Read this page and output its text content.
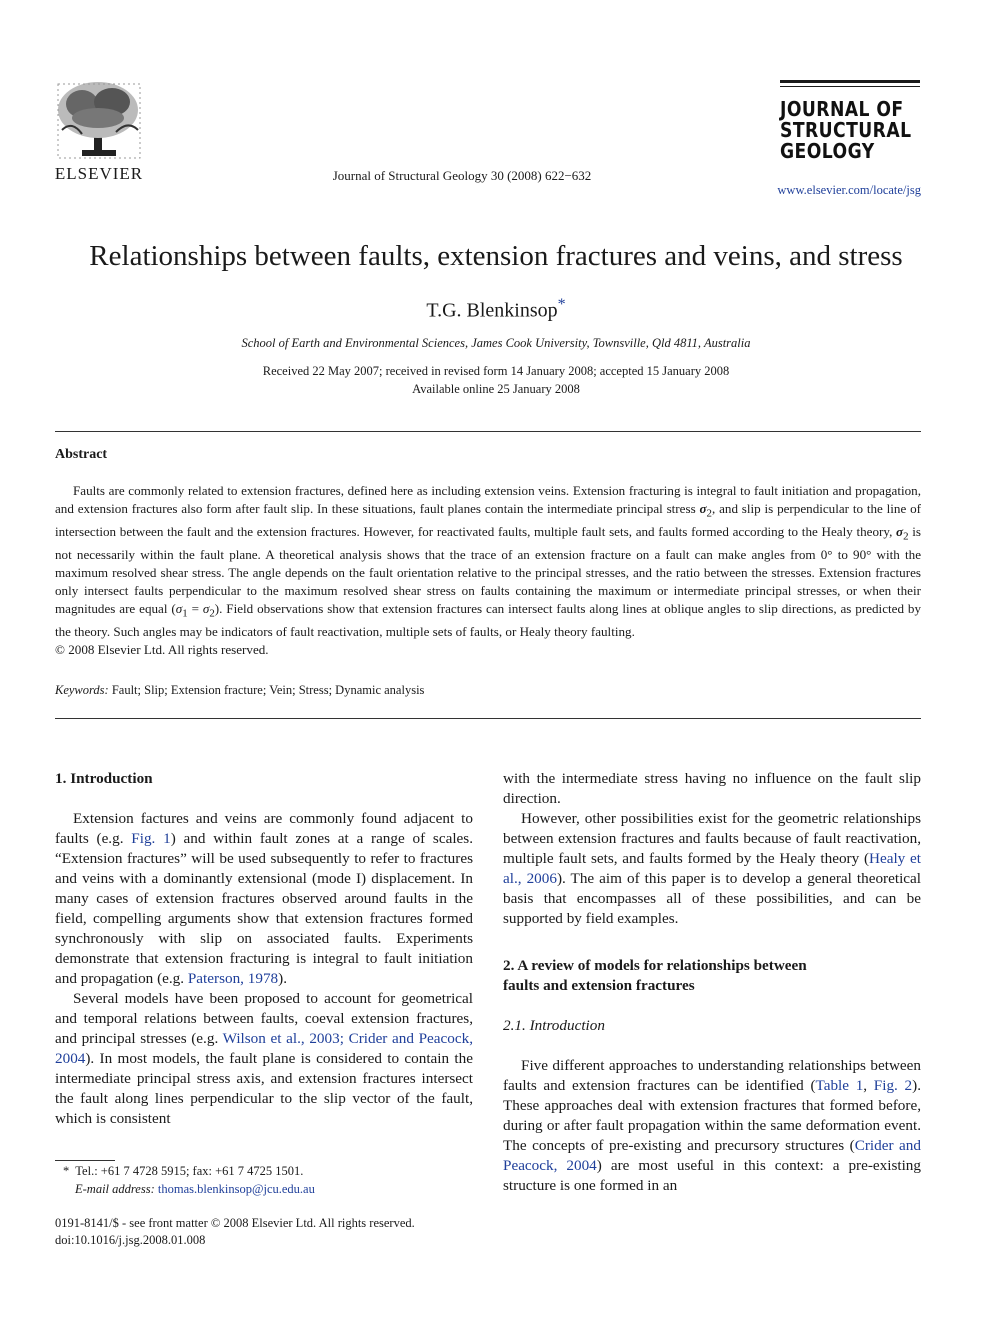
ELSEVIER	Journal of Structural Geology 30 (2008) 622−632
JOURNAL OF
STRUCTURAL
GEOLOGY
www.elsevier.com/locate/jsg
Relationships between faults, extension fractures and veins, and stress
T.G. Blenkinsop*
School of Earth and Environmental Sciences, James Cook University, Townsville, Qld 4811, Australia
Received 22 May 2007; received in revised form 14 January 2008; accepted 15 January 2008
Available online 25 January 2008
Abstract

Faults are commonly related to extension fractures, defined here as including extension veins. Extension fracturing is integral to fault initiation and propagation, and extension fractures also form after fault slip. In these situations, fault planes contain the intermediate principal stress $\sigma_2$, and slip is perpendicular to the line of intersection between the fault and the extension fractures. However, for reactivated faults, multiple fault sets, and faults formed according to the Healy theory, $\sigma_2$ is not necessarily within the fault plane. A theoretical analysis shows that the trace of an extension fracture on a fault can make angles from 0° to 90° with the maximum resolved shear stress. The angle depends on the fault orientation relative to the principal stresses, and the ratio between the stresses. Extension fractures only intersect faults perpendicular to the maximum resolved shear stress on faults containing the maximum or intermediate principal stresses, or when their magnitudes are equal $(\sigma_1 = \sigma_2)$. Field observations show that extension fractures can intersect faults along lines at oblique angles to slip directions, as predicted by the theory. Such angles may be indicators of fault reactivation, multiple sets of faults, or Healy theory faulting.

© 2008 Elsevier Ltd. All rights reserved.

Keywords: Fault; Slip; Extension fracture; Vein; Stress; Dynamic analysis

1. Introduction

Extension factures and veins are commonly found adjacent to faults (e.g. Fig. 1) and within fault zones at a range of scales. “Extension fractures” will be used subsequently to refer to fractures and veins with a dominantly extensional (mode I) displacement. In many cases of extension fractures observed around faults in the field, compelling arguments show that extension fractures formed synchronously with slip on associated faults. Experiments demonstrate that extension fracturing is integral to fault initiation and propagation (e.g. Paterson, 1978).

Several models have been proposed to account for geometrical and temporal relations between faults, coeval extension fractures, and principal stresses (e.g. Wilson et al., 2003; Crider and Peacock, 2004). In most models, the fault plane is considered to contain the intermediate principal stress axis, and extension fractures intersect the fault along lines perpendicular to the slip vector of the fault, which is consistent

* Tel.: +61 7 4728 5915; fax: +61 7 4725 1501.
E-mail address: thomas.blenkinsop@jcu.edu.au
0191-8141/$ - see front matter © 2008 Elsevier Ltd. All rights reserved.
doi:10.1016/j.jsg.2008.01.008

with the intermediate stress having no influence on the fault slip direction.

However, other possibilities exist for the geometric relationships between extension fractures and faults because of fault reactivation, multiple fault sets, and faults formed by the Healy theory (Healy et al., 2006). The aim of this paper is to develop a general theoretical basis that encompasses all of these possibilities, and can be supported by field examples.

2. A review of models for relationships between
faults and extension fractures

2.1. Introduction

Five different approaches to understanding relationships between faults and extension fractures can be identified (Table 1, Fig. 2). These approaches deal with extension fractures that formed before, during or after fault propagation within the same deformation event. The concepts of pre-existing and precursory structures (Crider and Peacock, 2004) are most useful in this context: a pre-existing structure is one formed in an
